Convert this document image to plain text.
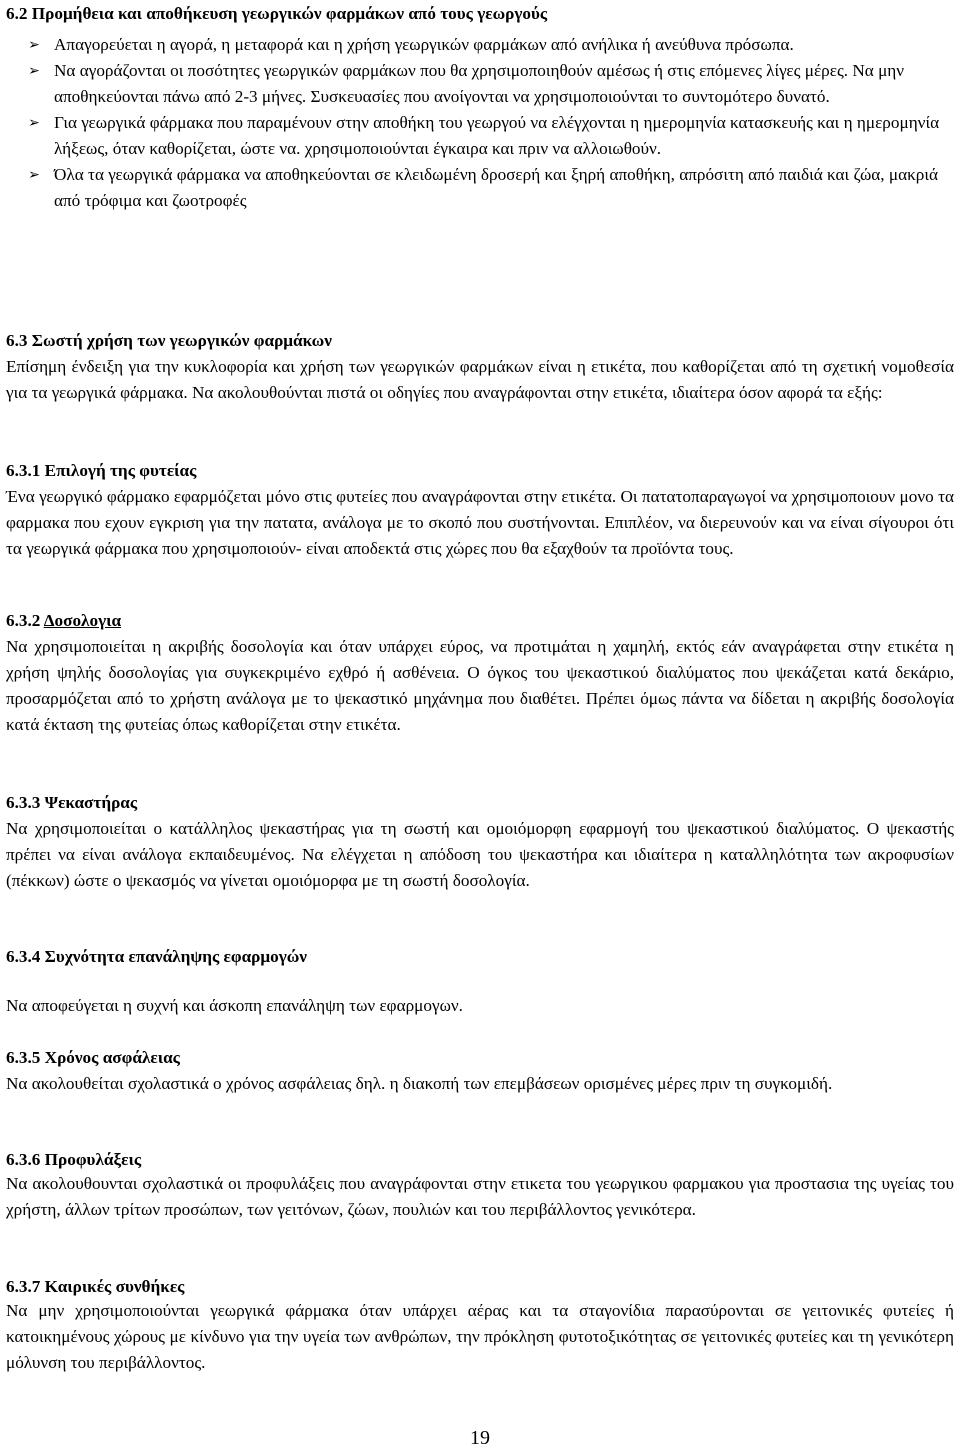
6.2 Προμήθεια και αποθήκευση γεωργικών φαρμάκων από τους γεωργούς
➢ Απαγορεύεται η αγορά, η μεταφορά και η χρήση γεωργικών φαρμάκων από ανήλικα ή ανεύθυνα πρόσωπα.
➢ Να αγοράζονται οι ποσότητες γεωργικών φαρμάκων που θα χρησιμοποιηθούν αμέσως ή στις επόμενες λίγες μέρες. Να μην αποθηκεύονται πάνω από 2-3 μήνες. Συσκευασίες που ανοίγονται να χρησιμοποιούνται το συντομότερο δυνατό.
➢ Για γεωργικά φάρμακα που παραμένουν στην αποθήκη του γεωργού να ελέγχονται η ημερομηνία κατασκευής και η ημερομηνία λήξεως, όταν καθορίζεται, ώστε να. χρησιμοποιούνται έγκαιρα και πριν να αλλοιωθούν.
➢ Όλα τα γεωργικά φάρμακα να αποθηκεύονται σε κλειδωμένη δροσερή και ξηρή αποθήκη, απρόσιτη από παιδιά και ζώα, μακριά από τρόφιμα και ζωοτροφές
6.3 Σωστή χρήση των γεωργικών φαρμάκων
Επίσημη ένδειξη για την κυκλοφορία και χρήση των γεωργικών φαρμάκων είναι η ετικέτα, που καθορίζεται από τη σχετική νομοθεσία για τα γεωργικά φάρμακα. Να ακολουθούνται πιστά οι οδηγίες που αναγράφονται στην ετικέτα, ιδιαίτερα όσον αφορά τα εξής:
6.3.1 Επιλογή της φυτείας
Ένα γεωργικό φάρμακο εφαρμόζεται μόνο στις φυτείες που αναγράφονται στην ετικέτα. Οι πατατοπαραγωγοί να χρησιμοποιουν μονο τα φαρμακα που εχουν εγκριση για την πατατα, ανάλογα με το σκοπό που συστήνονται. Επιπλέον, να διερευνούν και να είναι σίγουροι ότι τα γεωργικά φάρμακα που χρησιμοποιούν- είναι αποδεκτά στις χώρες που θα εξαχθούν τα προϊόντα τους.
6.3.2 Δοσολογια
Να χρησιμοποιείται η ακριβής δοσολογία και όταν υπάρχει εύρος, να προτιμάται η χαμηλή, εκτός εάν αναγράφεται στην ετικέτα η χρήση ψηλής δοσολογίας για συγκεκριμένο εχθρό ή ασθένεια. Ο όγκος του ψεκαστικού διαλύματος που ψεκάζεται κατά δεκάριο, προσαρμόζεται από το χρήστη ανάλογα με το ψεκαστικό μηχάνημα που διαθέτει. Πρέπει όμως πάντα να δίδεται η ακριβής δοσολογία κατά έκταση της φυτείας όπως καθορίζεται στην ετικέτα.
6.3.3 Ψεκαστήρας
Να χρησιμοποιείται ο κατάλληλος ψεκαστήρας για τη σωστή και ομοιόμορφη εφαρμογή του ψεκαστικού διαλύματος. Ο ψεκαστής πρέπει να είναι ανάλογα εκπαιδευμένος. Να ελέγχεται η απόδοση του ψεκαστήρα και ιδιαίτερα η καταλληλότητα των ακροφυσίων (πέκκων) ώστε ο ψεκασμός να γίνεται ομοιόμορφα με τη σωστή δοσολογία.
6.3.4 Συχνότητα επανάληψης εφαρμογών
Να αποφεύγεται η συχνή και άσκοπη επανάληψη των εφαρμογων.
6.3.5 Χρόνος ασφάλειας
Να ακολουθείται σχολαστικά ο χρόνος ασφάλειας δηλ. η διακοπή των επεμβάσεων ορισμένες μέρες πριν τη συγκομιδή.
6.3.6 Προφυλάξεις
Να ακολουθουνται σχολαστικά οι προφυλάξεις που αναγράφονται στην ετικετα του γεωργικου φαρμακου για προστασια της υγείας του χρήστη, άλλων τρίτων προσώπων, των γειτόνων, ζώων, πουλιών και του περιβάλλοντος γενικότερα.
6.3.7 Καιρικές συνθήκες
Να μην χρησιμοποιούνται γεωργικά φάρμακα όταν υπάρχει αέρας και τα σταγονίδια παρασύρονται σε γειτονικές φυτείες ή κατοικημένους χώρους με κίνδυνο για την υγεία των ανθρώπων, την πρόκληση φυτοτοξικότητας σε γειτονικές φυτείες και τη γενικότερη μόλυνση του περιβάλλοντος.
19
